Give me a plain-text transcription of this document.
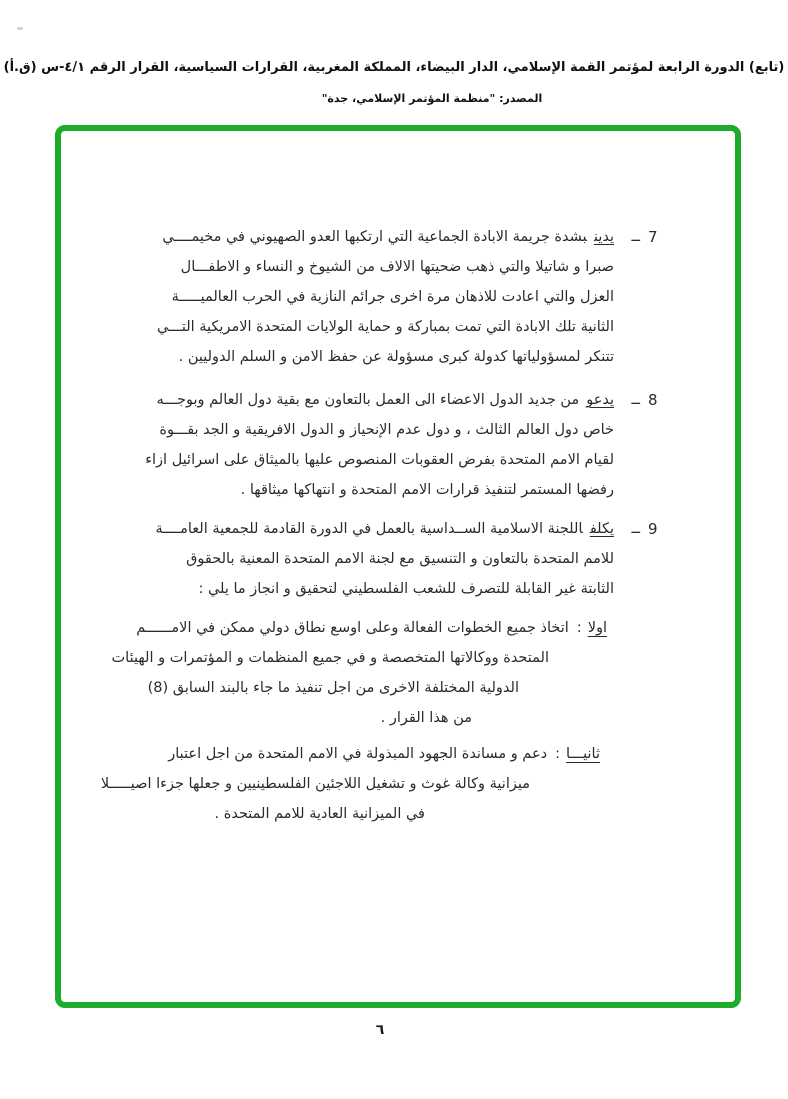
(تابع) الدورة الرابعة لمؤتمر القمة الإسلامي، الدار البيضاء، المملكة المغربية، القرارات السياسية، القرار الرقم ٤/١-س (ق.أ)
المصدر: "منظمة المؤتمر الإسلامي، جدة"
7
ــ
يدينبشدة جريمة الابادة الجماعية التي ارتكبها العدو الصهيوني في مخيمــــي
صبرا و شاتيلا والتي ذهب ضحيتها الالاف من الشيوخ و النساء و الاطفـــال
العزل والتي اعادت للاذهان مرة اخرى جرائم النازية في الحرب العالميـــــة
الثانية تلك الابادة التي تمت بمباركة و حماية الولايات المتحدة الامريكية التـــي
تتنكر لمسؤولياتها كدولة كبرى مسؤولة عن حفظ الامن و السلم الدوليين .
8
ــ
يدعومن جديد الدول الاعضاء الى العمل بالتعاون مع بقية دول العالم وبوجـــه
خاص دول العالم الثالث ، و دول عدم الإنحياز و الدول الافريقية و الجد بقـــوة
لقيام الامم المتحدة بفرض العقوبات المنصوص عليها بالميثاق على اسرائيل ازاء
رفضها المستمر لتنفيذ قرارات الامم المتحدة و انتهاكها ميثاقها .
9
ــ
يكلفاللجنة الاسلامية الســداسية بالعمل في الدورة القادمة للجمعية العامــــة
للامم المتحدة بالتعاون و التنسيق مع لجنة الامم المتحدة المعنية بالحقوق
الثابتة غير القابلة للتصرف للشعب الفلسطيني لتحقيق و انجاز ما يلي :
اولا:اتخاذ جميع الخطوات الفعالة وعلى اوسع نطاق دولي ممكن في الامــــــم
المتحدة ووكالاتها المتخصصة و في جميع المنظمات و المؤتمرات و الهيئات
الدولية المختلفة الاخرى من اجل تنفيذ ما جاء بالبند السابق (8)
من هذا القرار .
ثانيـــا:دعم و مساندة الجهود المبذولة في الامم المتحدة من اجل اعتبار
ميزانية وكالة غوث و تشغيل اللاجئين الفلسطينيين و جعلها جزءا اصيـــــلا
في الميزانية العادية للامم المتحدة .
٦
